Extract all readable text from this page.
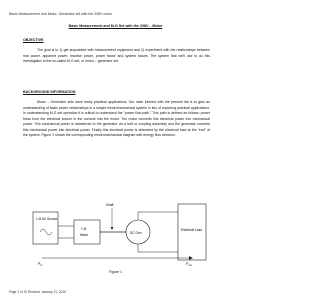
Basic Measurement and Motor- Generator set with the 208V motor
Basic Measurement and M-G Set with the 208V – Motor
OBJECTIVE

The goal is to 1) get acquainted with measurement equipment and 2) experiment with the relationships between real power, apparent power, reactive power, power factor and system losses. The system that we'll use to do this investigation is the so-called M-G set, or motor – generator set.

BACKGROUND INFORMATION

Motor – Generator sets have many practical applications. Our main interest with the present lab is to gain an understanding of basic power relationships in a simple electromechanical system in lieu of exploring practical applications. In understanding M-G set operation it is critical to understand the "power flow path." This path is defined as follows: power flows from the electrical source in the console into the motor. The motor converts this electrical power into mechanical power. This mechanical power is transferred to the generator via a belt or coupling assembly and the generator converts this mechanical power into electrical power. Finally this electrical power is absorbed by the electrical load at the "end" of the system. Figure 1 shows the corresponding electromechanical diagram with energy flow direction.

1 Ø AC Source
1 Ø
Motor
Shaft
DC Gen
Electrical Load
$P_{in}$	$P_{out}$
Figure 1
Page 1 of 10 Revised: January 21, 2016
